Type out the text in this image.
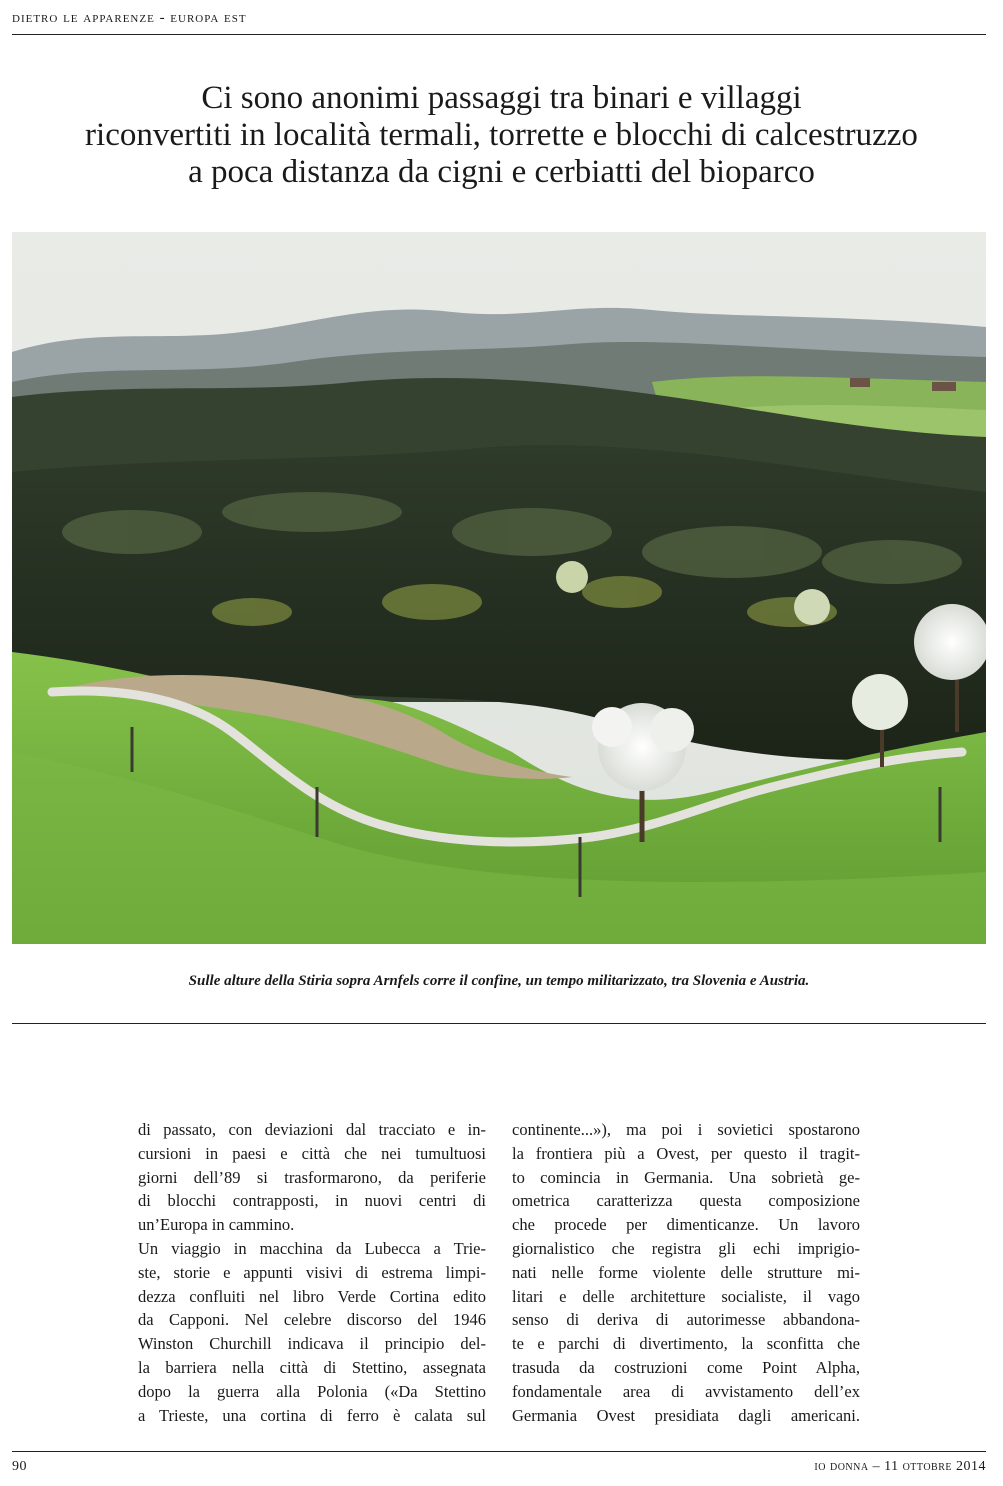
dietro le apparenze - europa est
Ci sono anonimi passaggi tra binari e villaggi
riconvertiti in località termali, torrette e blocchi di calcestruzzo
a poca distanza da cigni e cerbiatti del bioparco
Sulle alture della Stiria sopra Arnfels corre il confine, un tempo militarizzato, tra Slovenia e Austria.
di passato, con deviazioni dal tracciato e in-
cursioni in paesi e città che nei tumultuosi
giorni dell’89 si trasformarono, da periferie
di blocchi contrapposti, in nuovi centri di
un’Europa in cammino.
Un viaggio in macchina da Lubecca a Trie-
ste, storie e appunti visivi di estrema limpi-
dezza confluiti nel libro Verde Cortina edito
da Capponi. Nel celebre discorso del 1946
Winston Churchill indicava il principio del-
la barriera nella città di Stettino, assegnata
dopo la guerra alla Polonia («Da Stettino
a Trieste, una cortina di ferro è calata sul
continente...»), ma poi i sovietici spostarono
la frontiera più a Ovest, per questo il tragit-
to comincia in Germania. Una sobrietà ge-
ometrica caratterizza questa composizione
che procede per dimenticanze. Un lavoro
giornalistico che registra gli echi imprigio-
nati nelle forme violente delle strutture mi-
litari e delle architetture socialiste, il vago
senso di deriva di autorimesse abbandona-
te e parchi di divertimento, la sconfitta che
trasuda da costruzioni come Point Alpha,
fondamentale area di avvistamento dell’ex
Germania Ovest presidiata dagli americani.
90	io donna – 11 ottobre 2014
